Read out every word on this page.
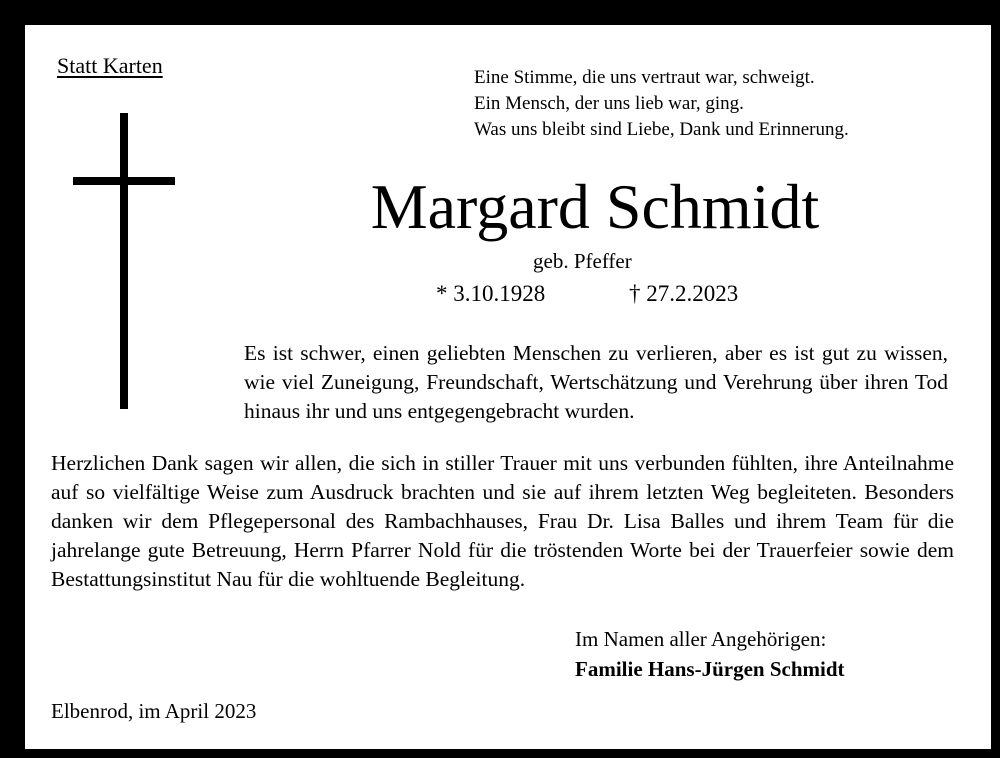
Statt Karten	Eine Stimme, die uns vertraut war, schweigt.
Ein Mensch, der uns lieb war, ging.
Was uns bleibt sind Liebe, Dank und Erinnerung.
Margard Schmidt
geb. Pfeffer
* 3.10.1928	† 27.2.2023
Es ist schwer, einen geliebten Menschen zu verlieren, aber es ist gut zu wissen, wie viel Zuneigung, Freundschaft, Wertschätzung und Verehrung über ihren Tod hinaus ihr und uns entgegengebracht wurden.
Herzlichen Dank sagen wir allen, die sich in stiller Trauer mit uns verbunden fühlten, ihre Anteilnahme auf so vielfältige Weise zum Ausdruck brachten und sie auf ihrem letzten Weg begleiteten. Besonders danken wir dem Pflegepersonal des Rambachhauses, Frau Dr. Lisa Balles und ihrem Team für die jahrelange gute Betreuung, Herrn Pfarrer Nold für die tröstenden Worte bei der Trauerfeier sowie dem Bestattungsinstitut Nau für die wohltuende Begleitung.
Im Namen aller Angehörigen:
Familie Hans-Jürgen Schmidt
Elbenrod, im April 2023
